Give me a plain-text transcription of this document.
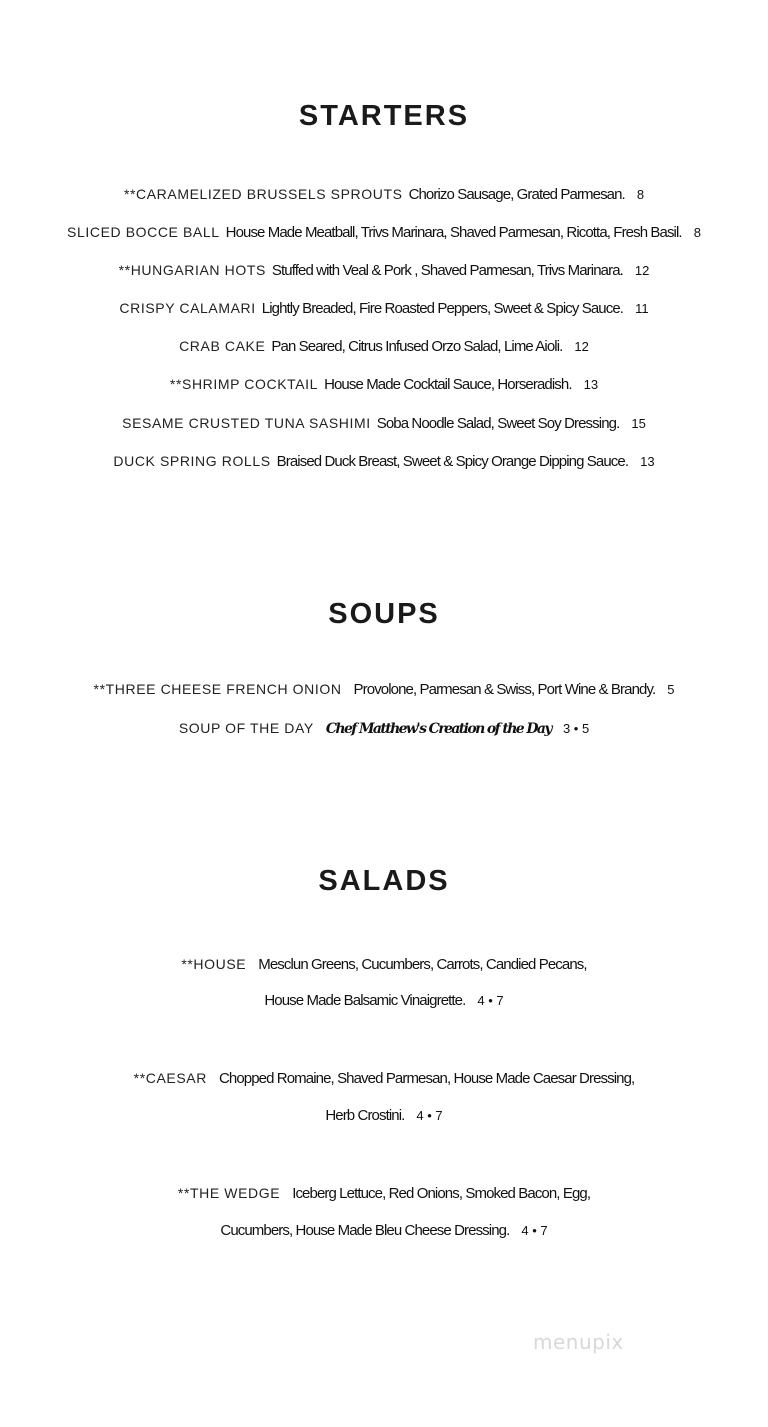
STARTERS
**CARAMELIZED BRUSSELS SPROUTS Chorizo Sausage, Grated Parmesan. 8
SLICED BOCCE BALL House Made Meatball, Trivs Marinara, Shaved Parmesan, Ricotta, Fresh Basil. 8
**HUNGARIAN HOTS Stuffed with Veal & Pork , Shaved Parmesan, Trivs Marinara. 12
CRISPY CALAMARI Lightly Breaded, Fire Roasted Peppers, Sweet & Spicy Sauce. 11
CRAB CAKE Pan Seared, Citrus Infused Orzo Salad, Lime Aioli. 12
**SHRIMP COCKTAIL House Made Cocktail Sauce, Horseradish. 13
SESAME CRUSTED TUNA SASHIMI Soba Noodle Salad, Sweet Soy Dressing. 15
DUCK SPRING ROLLS Braised Duck Breast, Sweet & Spicy Orange Dipping Sauce. 13
SOUPS
**THREE CHEESE FRENCH ONION Provolone, Parmesan & Swiss, Port Wine & Brandy. 5
SOUP OF THE DAY Chef Matthew's Creation of the Day 3 • 5
SALADS
**HOUSE Mesclun Greens, Cucumbers, Carrots, Candied Pecans,
House Made Balsamic Vinaigrette. 4 • 7
**CAESAR Chopped Romaine, Shaved Parmesan, House Made Caesar Dressing,
Herb Crostini. 4 • 7
**THE WEDGE Iceberg Lettuce, Red Onions, Smoked Bacon, Egg,
Cucumbers, House Made Bleu Cheese Dressing. 4 • 7
menupix
